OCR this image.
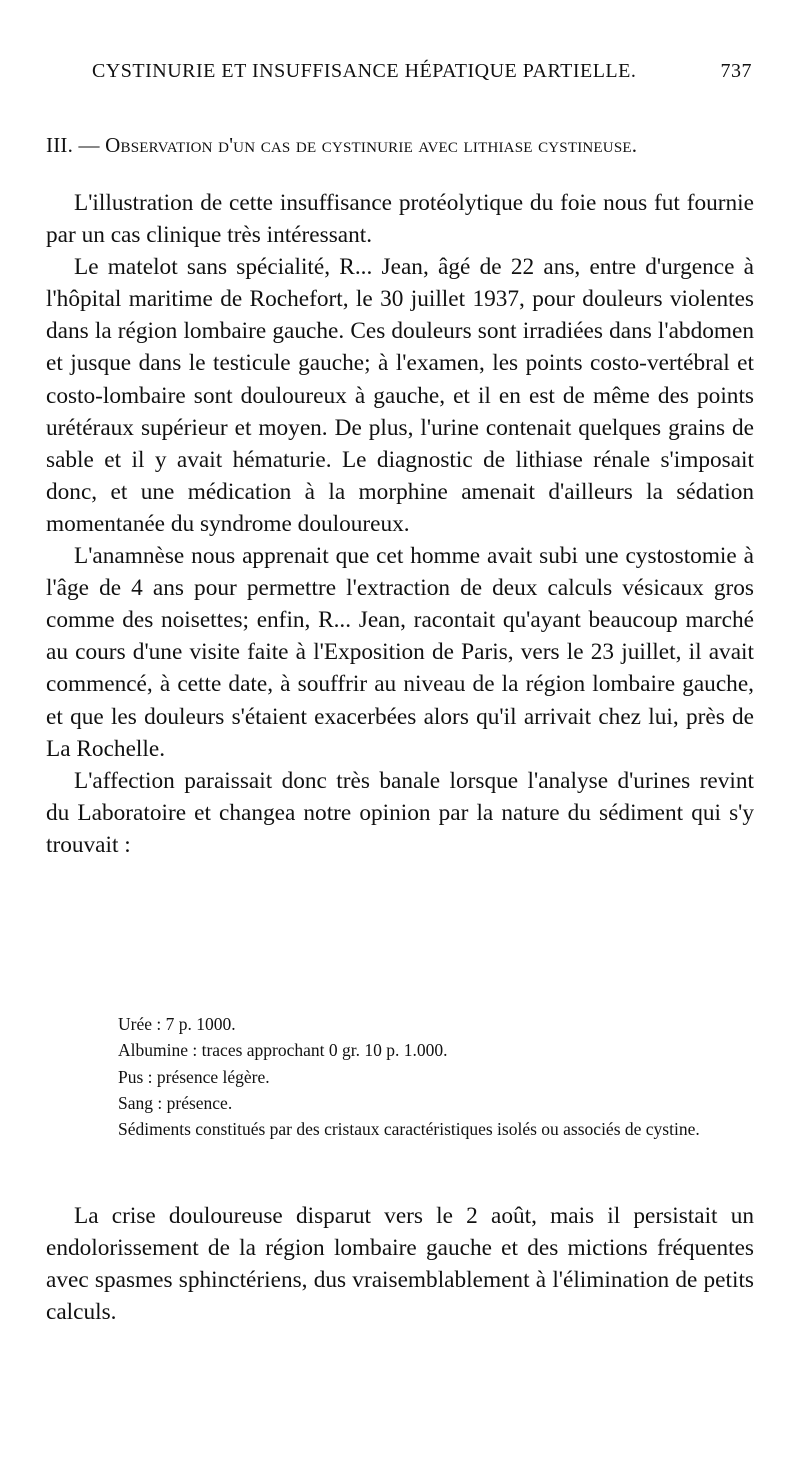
CYSTINURIE ET INSUFFISANCE HÉPATIQUE PARTIELLE.	737
III. — Observation d'un cas de cystinurie avec lithiase cystineuse.

L'illustration de cette insuffisance protéolytique du foie nous fut fournie par un cas clinique très intéressant.

Le matelot sans spécialité, R... Jean, âgé de 22 ans, entre d'urgence à l'hôpital maritime de Rochefort, le 30 juillet 1937, pour douleurs violentes dans la région lombaire gauche. Ces douleurs sont irradiées dans l'abdomen et jusque dans le testicule gauche; à l'examen, les points costo-vertébral et costo-lombaire sont douloureux à gauche, et il en est de même des points urétéraux supérieur et moyen. De plus, l'urine contenait quelques grains de sable et il y avait hématurie. Le diagnostic de lithiase rénale s'imposait donc, et une médication à la morphine amenait d'ailleurs la sédation momentanée du syndrome douloureux.

L'anamnèse nous apprenait que cet homme avait subi une cystostomie à l'âge de 4 ans pour permettre l'extraction de deux calculs vésicaux gros comme des noisettes; enfin, R... Jean, racontait qu'ayant beaucoup marché au cours d'une visite faite à l'Exposition de Paris, vers le 23 juillet, il avait commencé, à cette date, à souffrir au niveau de la région lombaire gauche, et que les douleurs s'étaient exacerbées alors qu'il arrivait chez lui, près de La Rochelle.

L'affection paraissait donc très banale lorsque l'analyse d'urines revint du Laboratoire et changea notre opinion par la nature du sédiment qui s'y trouvait :

Urée : 7 p. 1000.

Albumine : traces approchant 0 gr. 10 p. 1.000.

Pus : présence légère.

Sang : présence.

Sédiments constitués par des cristaux caractéristiques isolés ou associés de cystine.

La crise douloureuse disparut vers le 2 août, mais il persistait un endolorissement de la région lombaire gauche et des mictions fréquentes avec spasmes sphinctériens, dus vraisemblablement à l'élimination de petits calculs.
